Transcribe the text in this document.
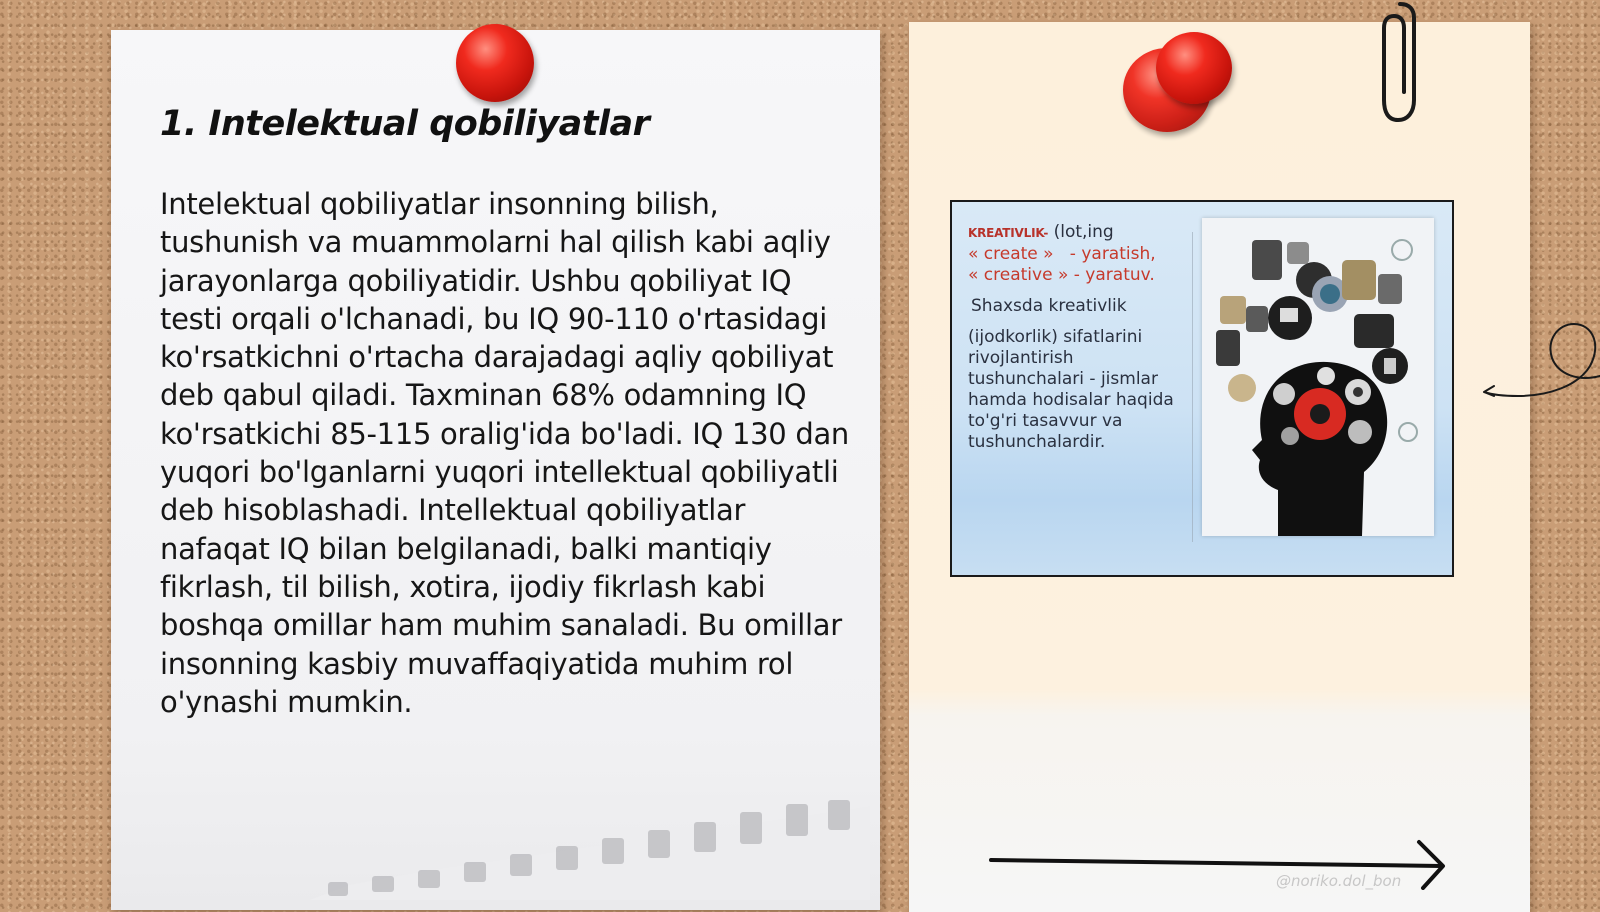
1. Intelektual qobiliyatlar

Intelektual qobiliyatlar insonning bilish, tushunish va muammolarni hal qilish kabi aqliy jarayonlarga qobiliyatidir. Ushbu qobiliyat IQ testi orqali o'lchanadi, bu IQ 90-110 o'rtasidagi ko'rsatkichni o'rtacha darajadagi aqliy qobiliyat deb qabul qiladi. Taxminan 68% odamning IQ ko'rsatkichi 85-115 oralig'ida bo'ladi. IQ 130 dan yuqori bo'lganlarni yuqori intellektual qobiliyatli deb hisoblashadi. Intellektual qobiliyatlar nafaqat IQ bilan belgilanadi, balki mantiqiy fikrlash, til bilish, xotira, ijodiy fikrlash kabi boshqa omillar ham muhim sanaladi. Bu omillar insonning kasbiy muvaffaqiyatida muhim rol o'ynashi mumkin.

@noriko.dol_bon
KREATIVLIK- (lot,ing
« create » - yaratish,
« creative » - yaratuv.
Shaxsda kreativlik
(ijodkorlik) sifatlarini
rivojlantirish
tushunchalari - jismlar
hamda hodisalar haqida
to'g'ri tasavvur va
tushunchalardir.
